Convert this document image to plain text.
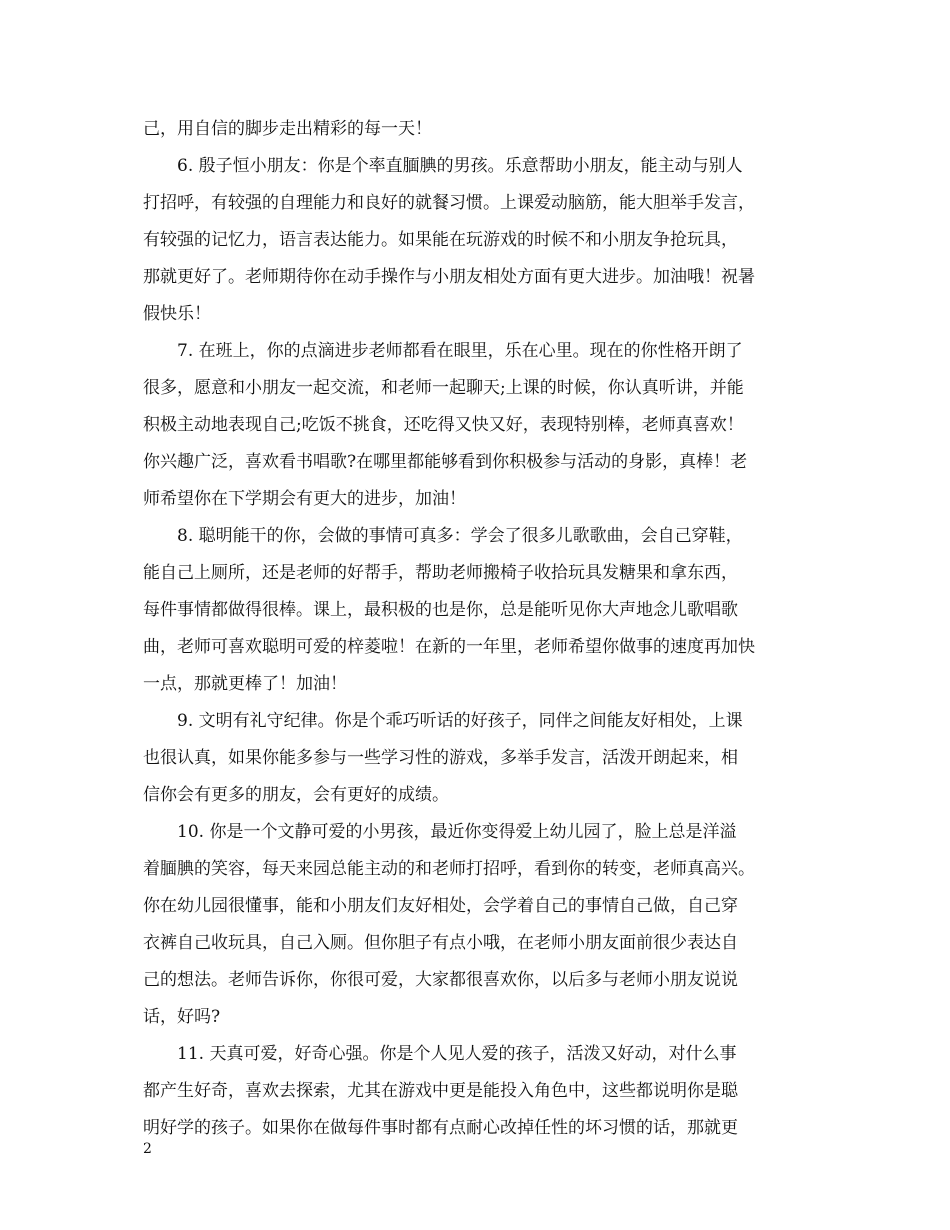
己，用自信的脚步走出精彩的每一天！
6. 殷子恒小朋友：你是个率直腼腆的男孩。乐意帮助小朋友，能主动与别人
打招呼，有较强的自理能力和良好的就餐习惯。上课爱动脑筋，能大胆举手发言，
有较强的记忆力，语言表达能力。如果能在玩游戏的时候不和小朋友争抢玩具，
那就更好了。老师期待你在动手操作与小朋友相处方面有更大进步。加油哦！祝暑
假快乐！
7. 在班上，你的点滴进步老师都看在眼里，乐在心里。现在的你性格开朗了
很多，愿意和小朋友一起交流，和老师一起聊天;上课的时候，你认真听讲，并能
积极主动地表现自己;吃饭不挑食，还吃得又快又好，表现特别棒，老师真喜欢！
你兴趣广泛，喜欢看书唱歌?在哪里都能够看到你积极参与活动的身影，真棒！老
师希望你在下学期会有更大的进步，加油！
8. 聪明能干的你，会做的事情可真多：学会了很多儿歌歌曲，会自己穿鞋，
能自己上厕所，还是老师的好帮手，帮助老师搬椅子收拾玩具发糖果和拿东西，
每件事情都做得很棒。课上，最积极的也是你，总是能听见你大声地念儿歌唱歌
曲，老师可喜欢聪明可爱的梓菱啦！在新的一年里，老师希望你做事的速度再加快
一点，那就更棒了！加油！
9. 文明有礼守纪律。你是个乖巧听话的好孩子，同伴之间能友好相处，上课
也很认真，如果你能多参与一些学习性的游戏，多举手发言，活泼开朗起来，相
信你会有更多的朋友，会有更好的成绩。
10. 你是一个文静可爱的小男孩，最近你变得爱上幼儿园了，脸上总是洋溢
着腼腆的笑容，每天来园总能主动的和老师打招呼，看到你的转变，老师真高兴。
你在幼儿园很懂事，能和小朋友们友好相处，会学着自己的事情自己做，自己穿
衣裤自己收玩具，自己入厕。但你胆子有点小哦，在老师小朋友面前很少表达自
己的想法。老师告诉你，你很可爱，大家都很喜欢你，以后多与老师小朋友说说
话，好吗?
11. 天真可爱，好奇心强。你是个人见人爱的孩子，活泼又好动，对什么事
都产生好奇，喜欢去探索，尤其在游戏中更是能投入角色中，这些都说明你是聪
明好学的孩子。如果你在做每件事时都有点耐心改掉任性的坏习惯的话，那就更
2
